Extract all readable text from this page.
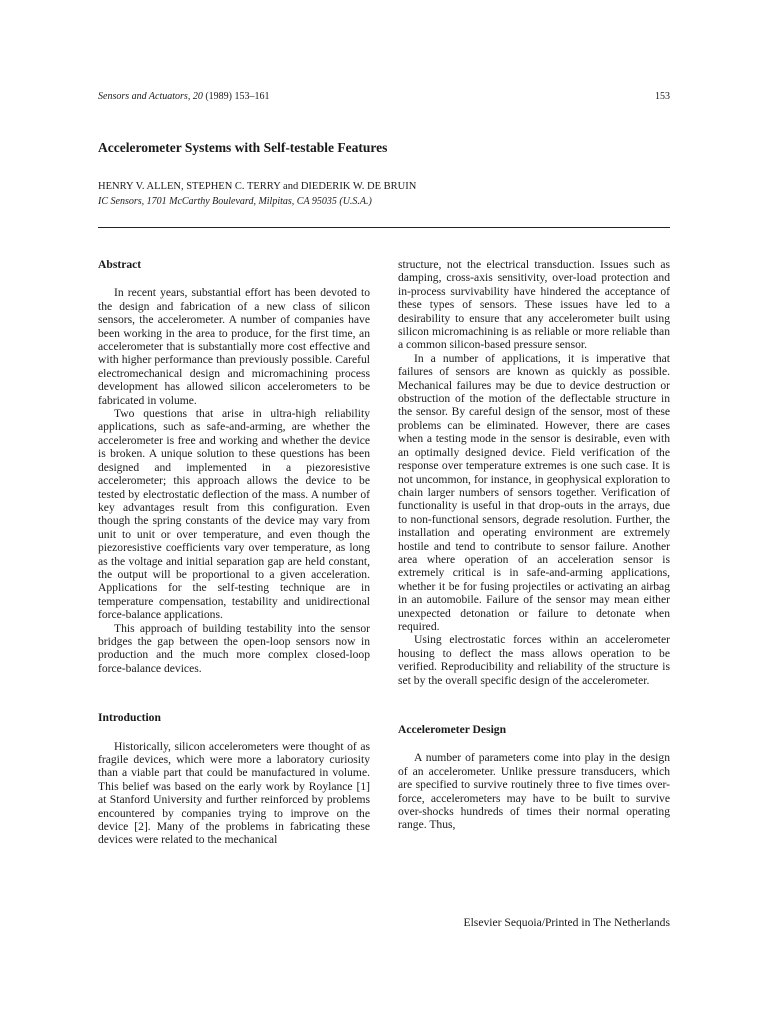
Sensors and Actuators, 20 (1989) 153–161	153
Accelerometer Systems with Self-testable Features
HENRY V. ALLEN, STEPHEN C. TERRY and DIEDERIK W. DE BRUIN
IC Sensors, 1701 McCarthy Boulevard, Milpitas, CA 95035 (U.S.A.)
Abstract

In recent years, substantial effort has been devoted to the design and fabrication of a new class of silicon sensors, the accelerometer. A number of companies have been working in the area to produce, for the first time, an accelerometer that is substantially more cost effective and with higher performance than previously possible. Careful electromechanical design and micromachining process development has allowed silicon accelerometers to be fabricated in volume.

Two questions that arise in ultra-high reliability applications, such as safe-and-arming, are whether the accelerometer is free and working and whether the device is broken. A unique solution to these questions has been designed and implemented in a piezoresistive accelerometer; this approach allows the device to be tested by electrostatic deflection of the mass. A number of key advantages result from this configuration. Even though the spring constants of the device may vary from unit to unit or over temperature, and even though the piezoresistive coefficients vary over temperature, as long as the voltage and initial separation gap are held constant, the output will be proportional to a given acceleration. Applications for the self-testing technique are in temperature compensation, testability and unidirectional force-balance applications.

This approach of building testability into the sensor bridges the gap between the open-loop sensors now in production and the much more complex closed-loop force-balance devices.

Introduction

Historically, silicon accelerometers were thought of as fragile devices, which were more a laboratory curiosity than a viable part that could be manufactured in volume. This belief was based on the early work by Roylance [1] at Stanford University and further reinforced by problems encountered by companies trying to improve on the device [2]. Many of the problems in fabricating these devices were related to the mechanical

structure, not the electrical transduction. Issues such as damping, cross-axis sensitivity, over-load protection and in-process survivability have hindered the acceptance of these types of sensors. These issues have led to a desirability to ensure that any accelerometer built using silicon micromachining is as reliable or more reliable than a common silicon-based pressure sensor.

In a number of applications, it is imperative that failures of sensors are known as quickly as possible. Mechanical failures may be due to device destruction or obstruction of the motion of the deflectable structure in the sensor. By careful design of the sensor, most of these problems can be eliminated. However, there are cases when a testing mode in the sensor is desirable, even with an optimally designed device. Field verification of the response over temperature extremes is one such case. It is not uncommon, for instance, in geophysical exploration to chain larger numbers of sensors together. Verification of functionality is useful in that drop-outs in the arrays, due to non-functional sensors, degrade resolution. Further, the installation and operating environment are extremely hostile and tend to contribute to sensor failure. Another area where operation of an acceleration sensor is extremely critical is in safe-and-arming applications, whether it be for fusing projectiles or activating an airbag in an automobile. Failure of the sensor may mean either unexpected detonation or failure to detonate when required.

Using electrostatic forces within an accelerometer housing to deflect the mass allows operation to be verified. Reproducibility and reliability of the structure is set by the overall specific design of the accelerometer.

Accelerometer Design

A number of parameters come into play in the design of an accelerometer. Unlike pressure transducers, which are specified to survive routinely three to five times over-force, accelerometers may have to be built to survive over-shocks hundreds of times their normal operating range. Thus,

Elsevier Sequoia/Printed in The Netherlands
